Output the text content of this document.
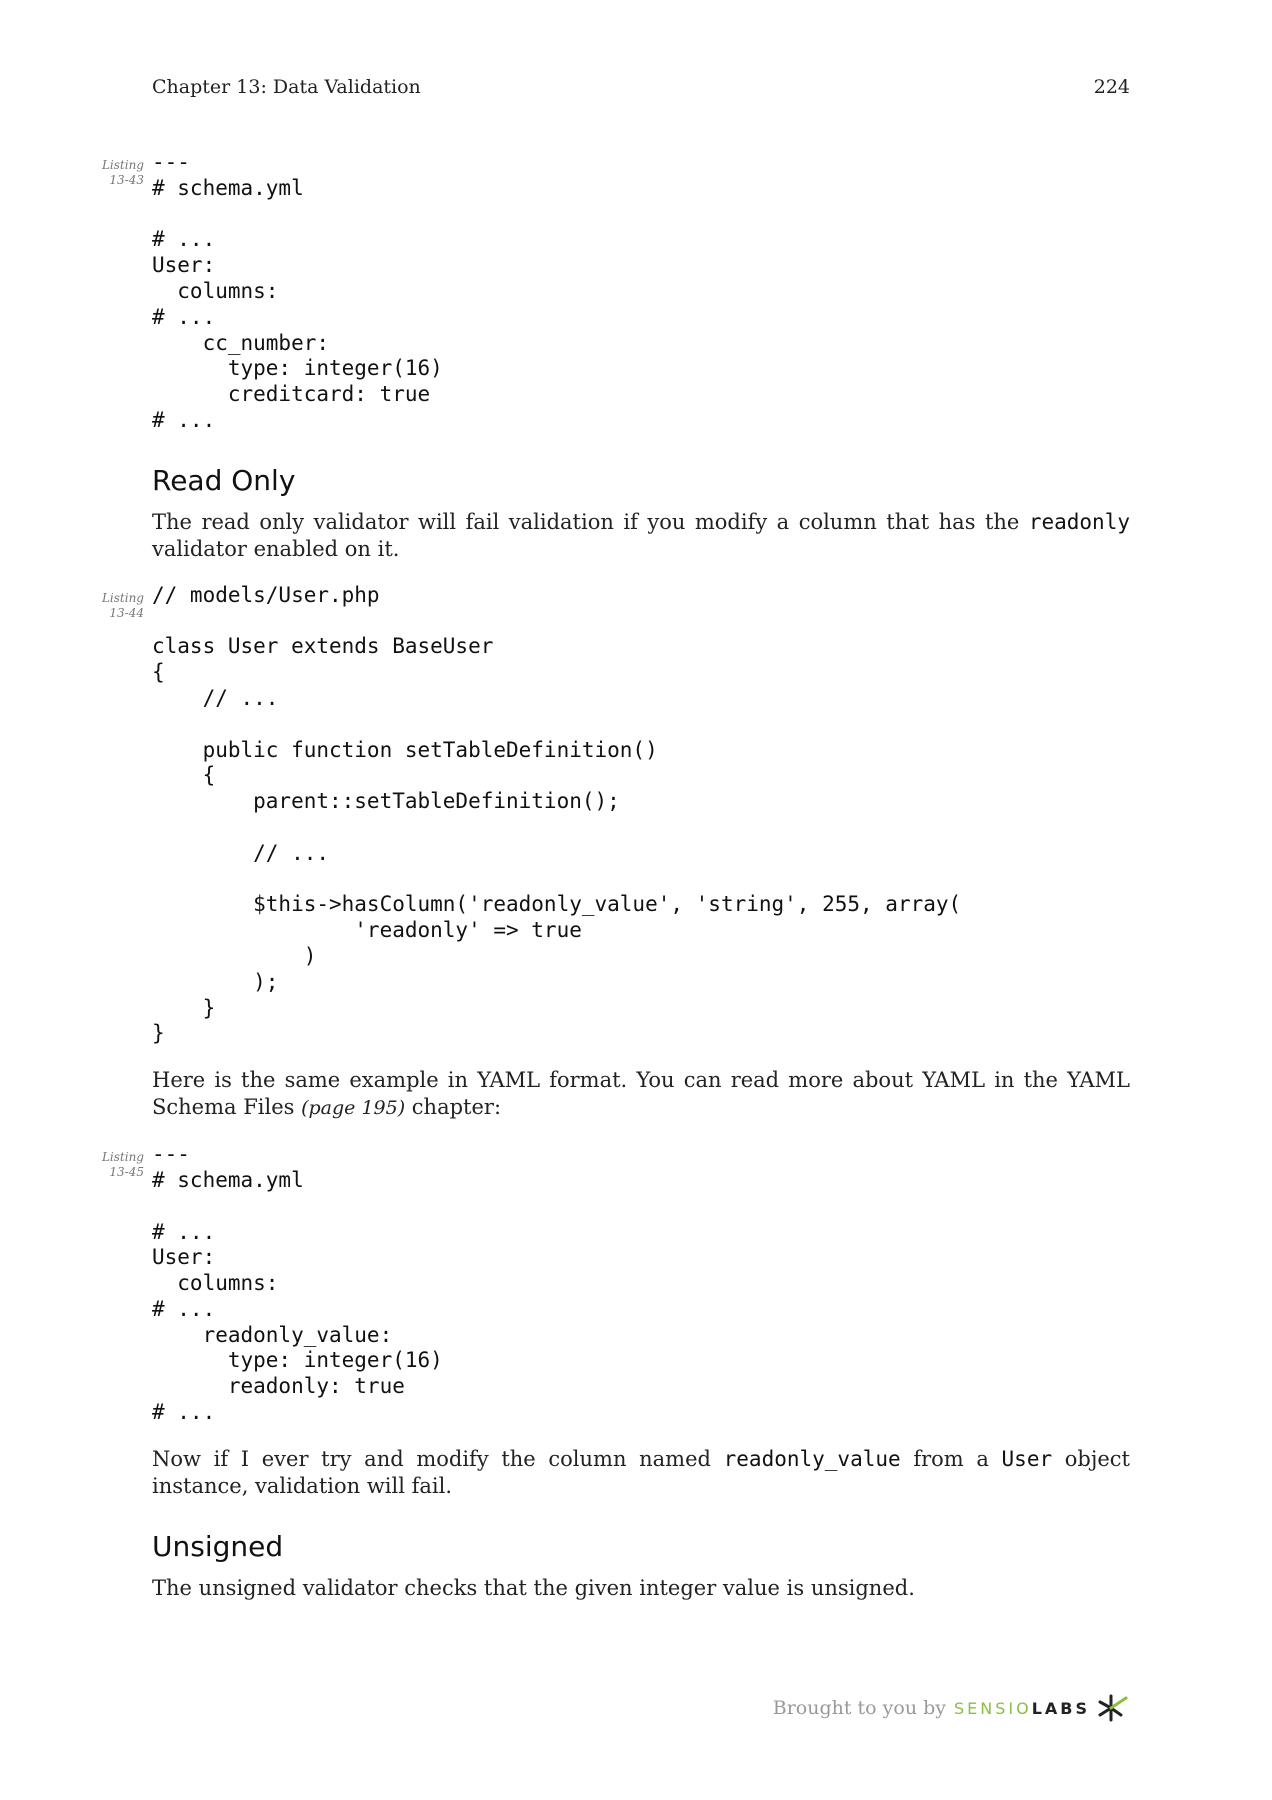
Chapter 13: Data Validation	224
Listing
13-43
---
# schema.yml

# ...
User:
columns:
# ...
cc_number:
type: integer(16)
creditcard: true
# ...
Read Only

The read only validator will fail validation if you modify a column that has the readonly validator enabled on it.

Listing
13-44
// models/User.php

class User extends BaseUser
{
// ...

public function setTableDefinition()
{
parent::setTableDefinition();

// ...

$this->hasColumn('readonly_value', 'string', 255, array(
'readonly' => true
)
);
}
}

Here is the same example in YAML format. You can read more about YAML in the YAML Schema Files (page 195) chapter:

Listing
13-45
---
# schema.yml

# ...
User:
columns:
# ...
readonly_value:
type: integer(16)
readonly: true
# ...

Now if I ever try and modify the column named readonly_value from a User object instance, validation will fail.

Unsigned

The unsigned validator checks that the given integer value is unsigned.

Brought to you by SENSIOLABS
